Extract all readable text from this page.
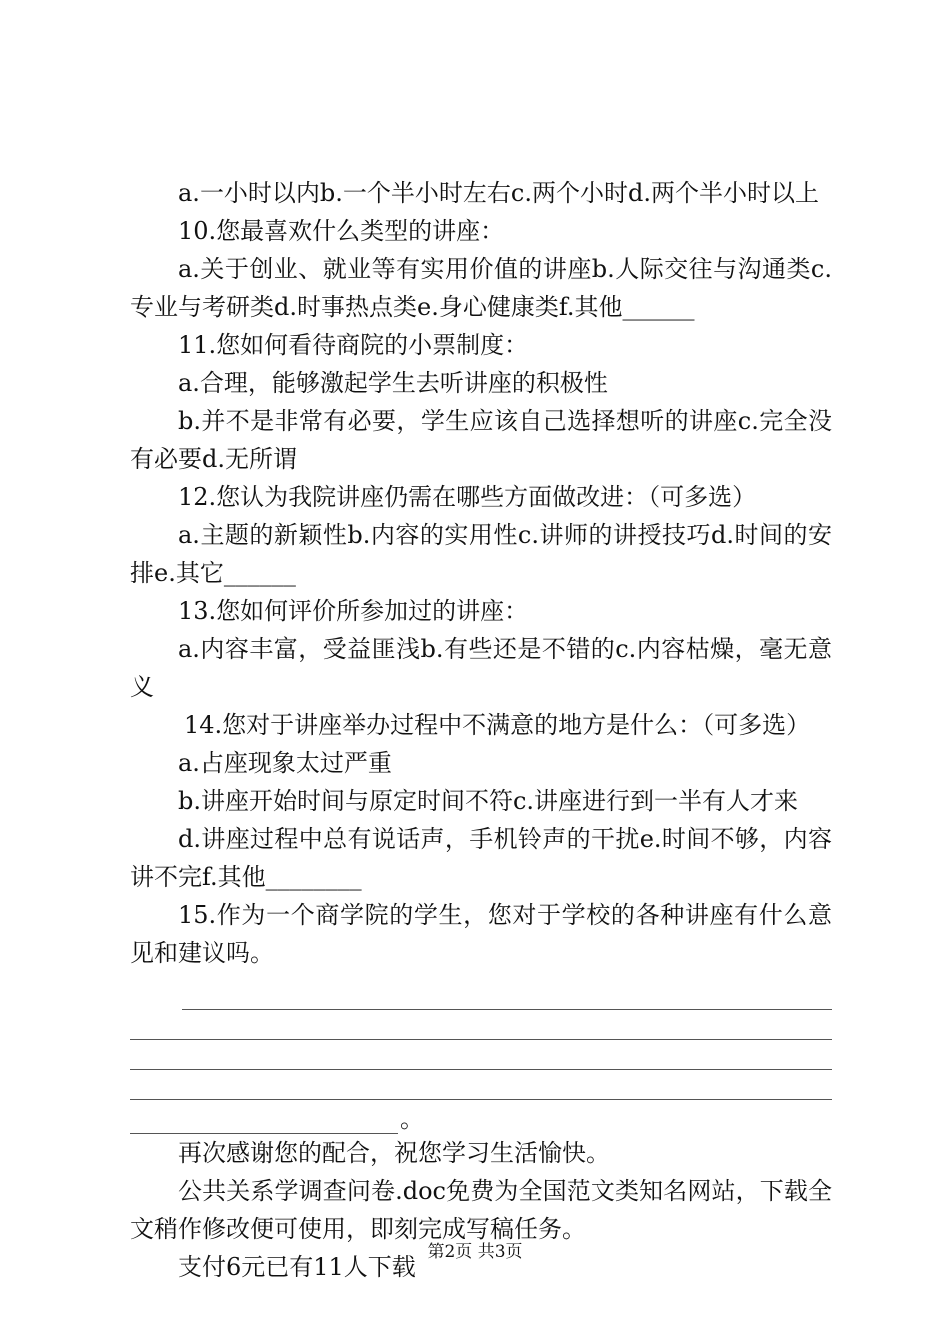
a.一小时以内b.一个半小时左右c.两个小时d.两个半小时以上

10.您最喜欢什么类型的讲座：

a.关于创业、就业等有实用价值的讲座b.人际交往与沟通类c.专业与考研类d.时事热点类e.身心健康类f.其他______

11.您如何看待商院的小票制度：

a.合理，能够激起学生去听讲座的积极性

b.并不是非常有必要，学生应该自己选择想听的讲座c.完全没有必要d.无所谓

12.您认为我院讲座仍需在哪些方面做改进：（可多选）

a.主题的新颖性b.内容的实用性c.讲师的讲授技巧d.时间的安排e.其它______

13.您如何评价所参加过的讲座：

a.内容丰富，受益匪浅b.有些还是不错的c.内容枯燥，毫无意义

14.您对于讲座举办过程中不满意的地方是什么：（可多选）

a.占座现象太过严重

b.讲座开始时间与原定时间不符c.讲座进行到一半有人才来

d.讲座过程中总有说话声，手机铃声的干扰e.时间不够，内容讲不完f.其他________

15.作为一个商学院的学生，您对于学校的各种讲座有什么意见和建议吗。

。

再次感谢您的配合，祝您学习生活愉快。

公共关系学调查问卷.doc免费为全国范文类知名网站，下载全文稍作修改便可使用，即刻完成写稿任务。

支付6元已有11人下载

第2页 共3页
